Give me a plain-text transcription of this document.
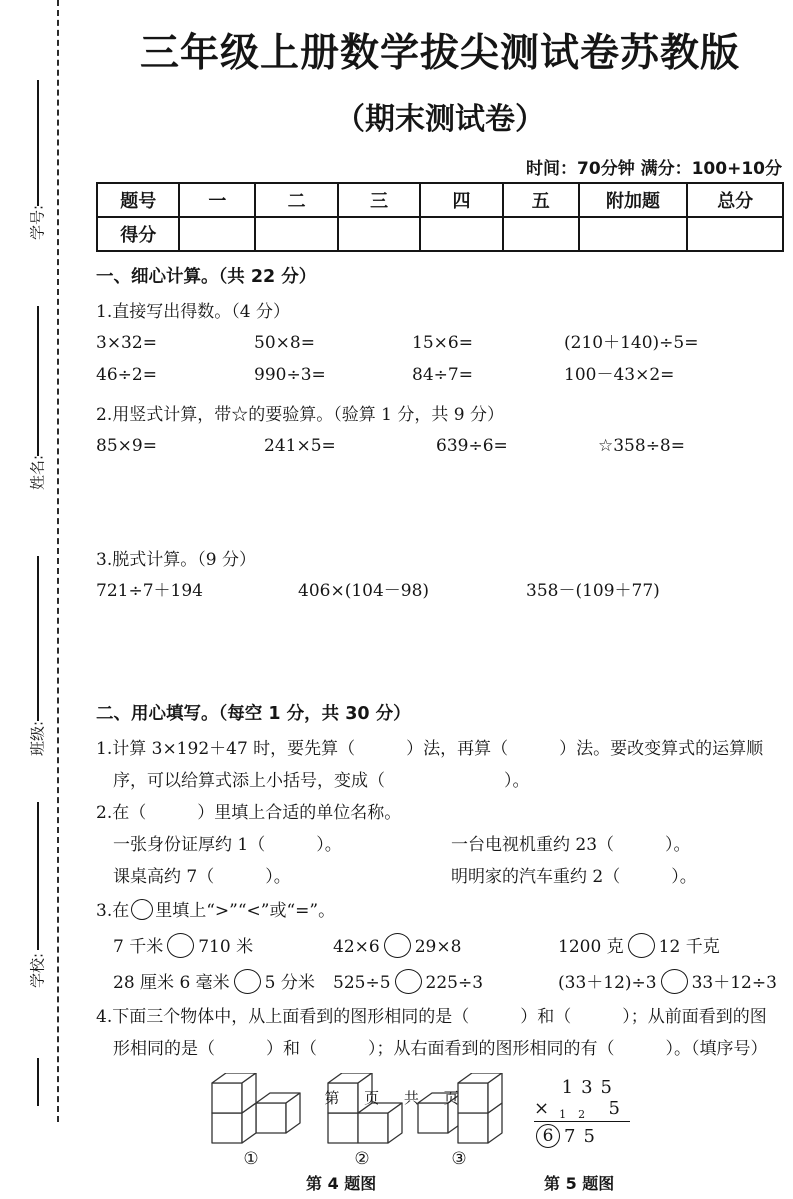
学号:
姓名:
班级:
学校:
三年级上册数学拔尖测试卷苏教版
（期末测试卷）
时间：70分钟 满分：100+10分
题号	一	二	三	四	五	附加题	总分
得分							
一、细心计算。（共 22 分）
1.直接写出得数。（4 分）
3×32=	50×8=	15×6=	(210＋140)÷5=
46÷2=	990÷3=	84÷7=	100－43×2=
2.用竖式计算，带☆的要验算。（验算 1 分，共 9 分）
85×9=	241×5=	639÷6=	☆358÷8=
3.脱式计算。（9 分）
721÷7＋194	406×(104－98)	358－(109＋77)
二、用心填写。（每空 1 分，共 30 分）
1.计算 3×192＋47 时，要先算（　　　）法，再算（　　　）法。要改变算式的运算顺
序，可以给算式添上小括号，变成（　　　　　　　）。
2.在（　　　）里填上合适的单位名称。
一张身份证厚约 1（　　　）。	一台电视机重约 23（　　　）。
课桌高约 7（　　　）。	明明家的汽车重约 2（　　　）。
3.在 里填上“>”“<”或“=”。
7 千米 710 米	42×6 29×8	1200 克 12 千克
28 厘米 6 毫米 5 分米	525÷5 225÷3	(33＋12)÷3 33＋12÷3
4.下面三个物体中，从上面看到的图形相同的是（　　　）和（　　　）；从前面看到的图
形相同的是（　　　）和（　　　）；从右面看到的图形相同的有（　　　）。（填序号）
①	②	③
第 4 题图
135
× 1 2 5
6 75
第 5 题图
第 页 共 页
